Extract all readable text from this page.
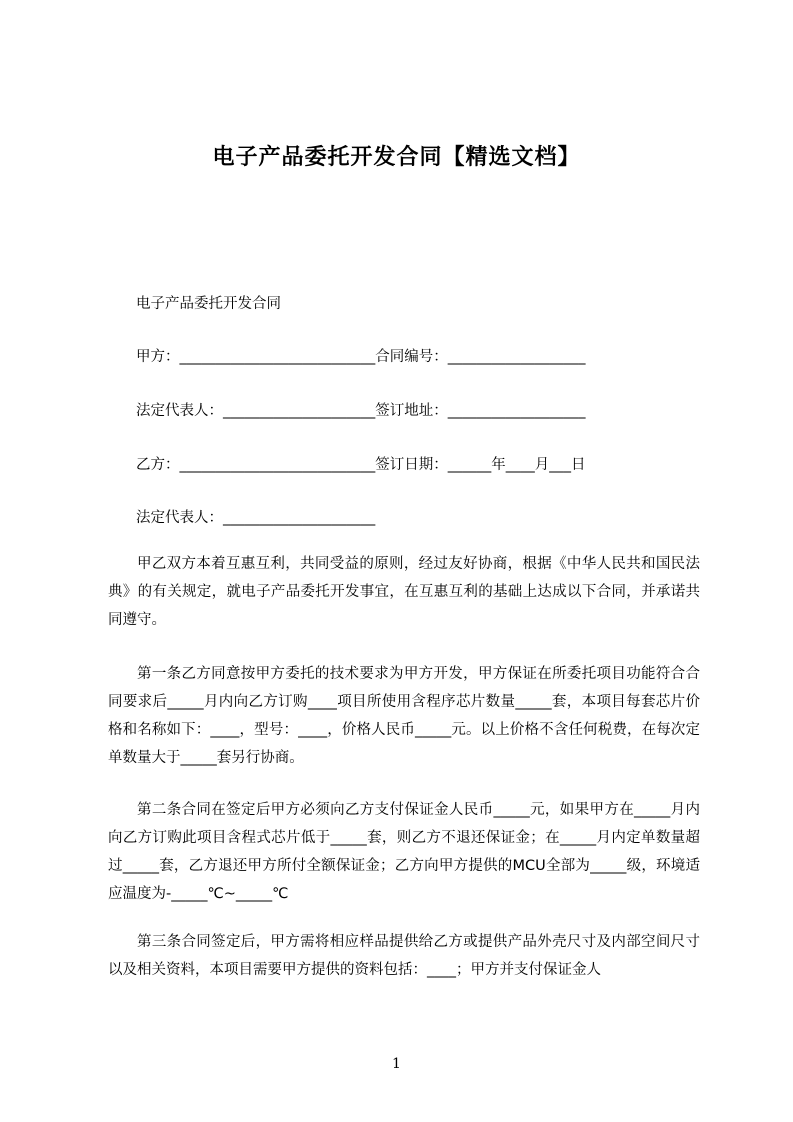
电子产品委托开发合同【精选文档】
电子产品委托开发合同
甲方：___________________________合同编号：___________________
法定代表人：_____________________签订地址：___________________
乙方：___________________________签订日期：______年____月___日
法定代表人：_____________________
甲乙双方本着互惠互利，共同受益的原则，经过友好协商，根据《中华人民共和国民法典》的有关规定，就电子产品委托开发事宜，在互惠互利的基础上达成以下合同，并承诺共同遵守。
第一条乙方同意按甲方委托的技术要求为甲方开发，甲方保证在所委托项目功能符合合同要求后_____月内向乙方订购____项目所使用含程序芯片数量_____套，本项目每套芯片价格和名称如下：____，型号：____，价格人民币_____元。以上价格不含任何税费，在每次定单数量大于_____套另行协商。
第二条合同在签定后甲方必须向乙方支付保证金人民币_____元，如果甲方在_____月内向乙方订购此项目含程式芯片低于_____套，则乙方不退还保证金；在_____月内定单数量超过_____套，乙方退还甲方所付全额保证金；乙方向甲方提供的MCU全部为_____级，环境适应温度为-_____℃~_____℃
第三条合同签定后，甲方需将相应样品提供给乙方或提供产品外壳尺寸及内部空间尺寸以及相关资料，本项目需要甲方提供的资料包括：____；甲方并支付保证金人
1
